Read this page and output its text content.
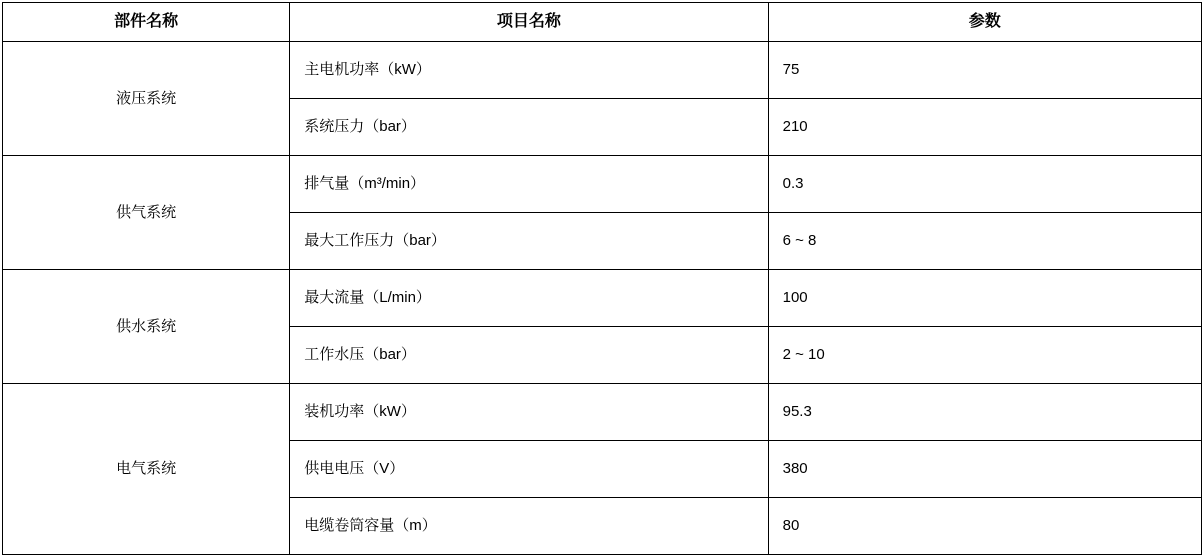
部件名称	项目名称	参数
液压系统	主电机功率（kW）	75
	系统压力（bar）	210
供气系统	排气量（m³/min）	0.3
	最大工作压力（bar）	6 ~ 8
供水系统	最大流量（L/min）	100
	工作水压（bar）	2 ~ 10
电气系统	装机功率（kW）	95.3
	供电电压（V）	380
	电缆卷筒容量（m）	80
